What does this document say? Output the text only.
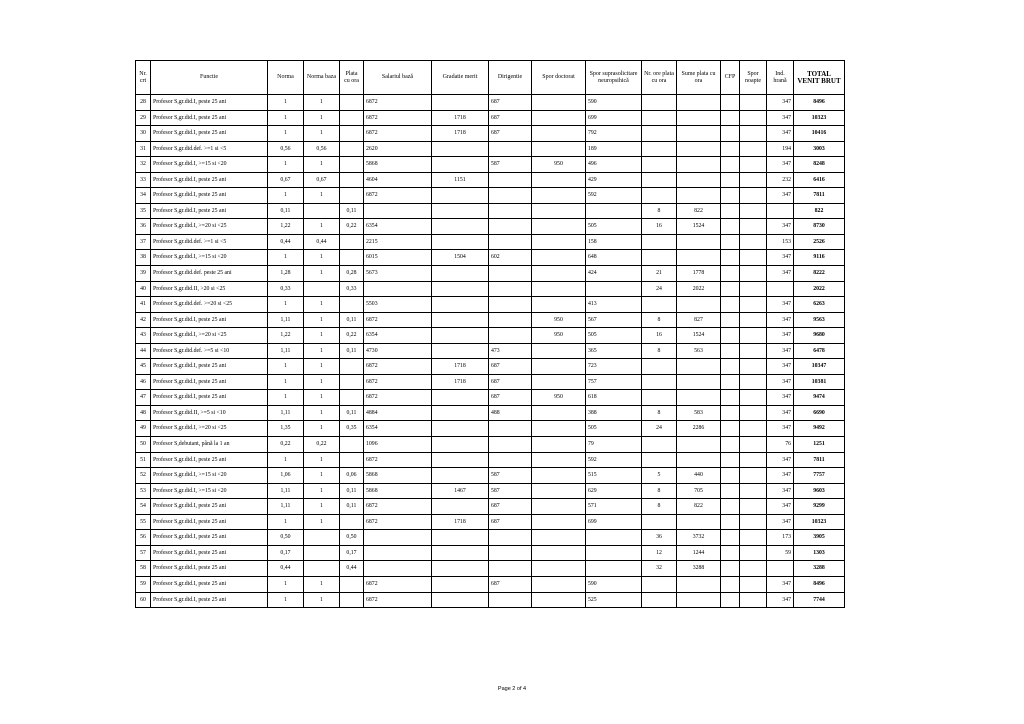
Nr. crt	Functie	Norma	Norma baza	Plata cu ora	Salariul bază	Gradatie merit	Dirigentie	Spor doctorat	Spor suprasolicitare neuropsihică	Nr. ore plata cu ora	Sume plata cu ora	CFP	Spor noapte	Ind. hrană	TOTAL VENIT BRUT
28	Profesor S,gr.did.I, peste 25 ani	1	1		6872		687		590					347	8496
29	Profesor S,gr.did.I, peste 25 ani	1	1		6872	1718	687		699					347	10323
30	Profesor S,gr.did.I, peste 25 ani	1	1		6872	1718	687		792					347	10416
31	Profesor S,gr.did.def. >=1 si <5	0,56	0,56		2620				189					194	3003
32	Profesor S,gr.did.I, >=15 si <20	1	1		5868		587	950	496					347	8248
33	Profesor S,gr.did.I, peste 25 ani	0,67	0,67		4604	1151			429					232	6416
34	Profesor S,gr.did.I, peste 25 ani	1	1		6872				592					347	7811
35	Profesor S,gr.did.I, peste 25 ani	0,11		0,11						8	822				822
36	Profesor S,gr.did.I, >=20 si <25	1,22	1	0,22	6354				505	16	1524			347	8730
37	Profesor S,gr.did.def. >=1 si <5	0,44	0,44		2215				158					153	2526
38	Profesor S,gr.did.I, >=15 si <20	1	1		6015	1504	602		648					347	9116
39	Profesor S,gr.did.def. peste 25 ani	1,28	1	0,28	5673				424	21	1778			347	8222
40	Profesor S,gr.did.II, >20 si <25	0,33		0,33						24	2022				2022
41	Profesor S,gr.did.def. >=20 si <25	1	1		5503				413					347	6263
42	Profesor S,gr.did.I, peste 25 ani	1,11	1	0,11	6872			950	567	8	827			347	9563
43	Profesor S,gr.did.I, >=20 si <25	1,22	1	0,22	6354			950	505	16	1524			347	9680
44	Profesor S,gr.did.def. >=5 si <10	1,11	1	0,11	4730		473		365	8	563			347	6478
45	Profesor S,gr.did.I, peste 25 ani	1	1		6872	1718	687		723					347	10347
46	Profesor S,gr.did.I, peste 25 ani	1	1		6872	1718	687		757					347	10381
47	Profesor S,gr.did.I, peste 25 ani	1	1		6872		687	950	618					347	9474
48	Profesor S,gr.did.II, >=5 si <10	1,11	1	0,11	4884		488		388	8	583			347	6690
49	Profesor S,gr.did.I, >=20 si <25	1,35	1	0,35	6354				505	24	2286			347	9492
50	Profesor S,debutant, până la 1 an	0,22	0,22		1096				79					76	1251
51	Profesor S,gr.did.I, peste 25 ani	1	1		6872				592					347	7811
52	Profesor S,gr.did.I, >=15 si <20	1,06	1	0,06	5868		587		515	5	440			347	7757
53	Profesor S,gr.did.I, >=15 si <20	1,11	1	0,11	5868	1467	587		629	8	705			347	9603
54	Profesor S,gr.did.I, peste 25 ani	1,11	1	0,11	6872		687		571	8	822			347	9299
55	Profesor S,gr.did.I, peste 25 ani	1	1		6872	1718	687		699					347	10323
56	Profesor S,gr.did.I, peste 25 ani	0,50		0,50						36	3732			173	3905
57	Profesor S,gr.did.I, peste 25 ani	0,17		0,17						12	1244			59	1303
58	Profesor S,gr.did.I, peste 25 ani	0,44		0,44						32	3288				3288
59	Profesor S,gr.did.I, peste 25 ani	1	1		6872		687		590					347	8496
60	Profesor S,gr.did.I, peste 25 ani	1	1		6872				525					347	7744
Page 2 of 4
